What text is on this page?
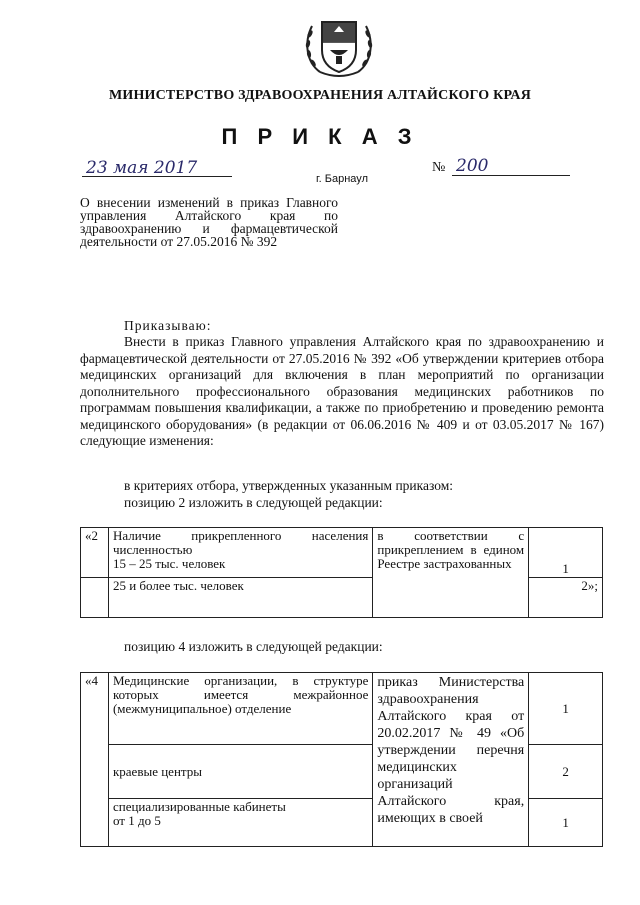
МИНИСТЕРСТВО ЗДРАВООХРАНЕНИЯ АЛТАЙСКОГО КРАЯ
П Р И К А З
23 мая 2017
г. Барнаул
№ 200
О внесении изменений в приказ Главного управления Алтайского края по здравоохранению и фармацевтической деятельности от 27.05.2016 № 392
Приказываю:
Внести в приказ Главного управления Алтайского края по здравоохранению и фармацевтической деятельности от 27.05.2016 № 392 «Об утверждении критериев отбора медицинских организаций для включения в план мероприятий по организации дополнительного профессионального образования медицинских работников по программам повышения квалификации, а также по приобретению и проведению ремонта медицинского оборудования» (в редакции от 06.06.2016 № 409 и от 03.05.2017 № 167) следующие изменения:
в критериях отбора, утвержденных указанным приказом:
позицию 2 изложить в следующей редакции:
«2	Наличие прикрепленного населения численностью
15 – 25 тыс. человек	в соответствии с прикреплением в едином Реестре застрахованных	1
	25 и более тыс. человек		2»;
позицию 4 изложить в следующей редакции:
«4	Медицинские организации, в структуре которых имеется межрайонное (межмуниципальное) отделение	приказ Министерства здравоохранения Алтайского края от 20.02.2017 № 49 «Об утверждении перечня медицинских организаций Алтайского края, имеющих в своей	1
	краевые центры		2

	специализированные кабинеты
от 1 до 5		1
